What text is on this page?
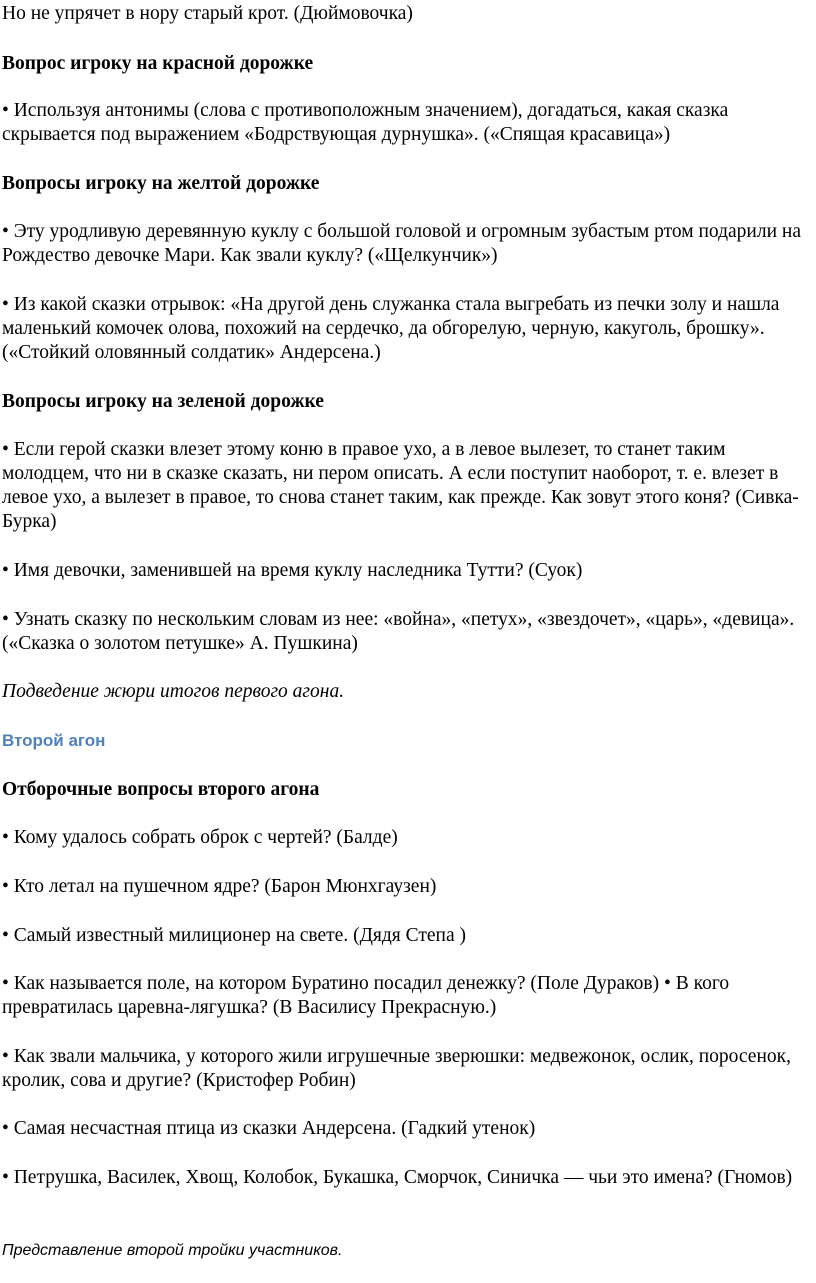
Но не упрячет в нору старый крот. (Дюймовочка)

Вопрос игроку на красной дорожке

• Используя антонимы (слова с противоположным значением), догадаться, какая сказка скрывается под выражением «Бодрствующая дурнушка». («Спящая красавица»)

Вопросы игроку на желтой дорожке

• Эту уродливую деревянную куклу с большой головой и огромным зубастым ртом подарили на Рождество девочке Мари. Как звали куклу? («Щелкунчик»)

• Из какой сказки отрывок: «На другой день служанка стала выгребать из печки золу и нашла маленький комочек олова, похожий на сердечко, да обгорелую, черную, какуголь, брошку». («Стойкий оловянный солдатик» Андерсена.)

Вопросы игроку на зеленой дорожке

• Если герой сказки влезет этому коню в правое ухо, а в левое вылезет, то станет таким молодцем, что ни в сказке сказать, ни пером описать. А если поступит наоборот, т. е. влезет в левое ухо, а вылезет в правое, то снова станет таким, как прежде. Как зовут этого коня? (Сивка-Бурка)

• Имя девочки, заменившей на время куклу наследника Тутти? (Суок)

• Узнать сказку по нескольким словам из нее: «война», «петух», «звездочет», «царь», «девица». («Сказка о золотом петушке» А. Пушкина)

Подведение жюри итогов первого агона.

Второй агон

Отборочные вопросы второго агона

• Кому удалось собрать оброк с чертей? (Балде)

• Кто летал на пушечном ядре? (Барон Мюнхгаузен)

• Самый известный милиционер на свете. (Дядя Степа )

• Как называется поле, на котором Буратино посадил денежку? (Поле Дураков) • В кого превратилась царевна-лягушка? (В Василису Прекрасную.)

• Как звали мальчика, у которого жили игрушечные зверюшки: медвежонок, ослик, поросенок, кролик, сова и другие? (Кристофер Робин)

• Самая несчастная птица из сказки Андерсена. (Гадкий утенок)

• Петрушка, Василек, Хвощ, Колобок, Букашка, Сморчок, Синичка — чьи это имена? (Гномов)

Представление второй тройки участников.
